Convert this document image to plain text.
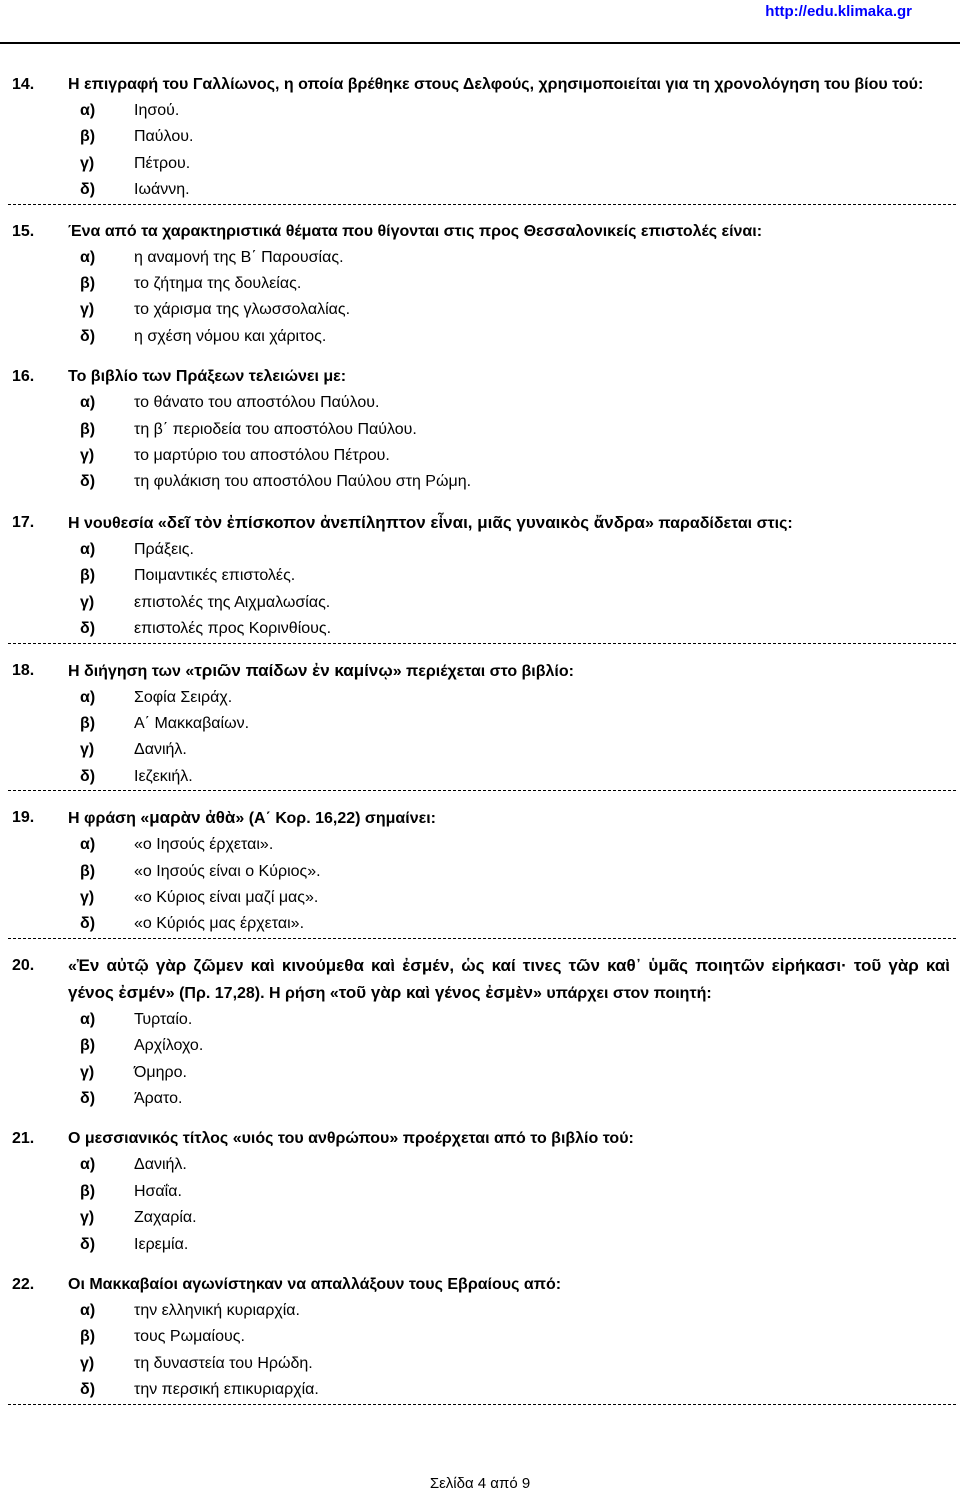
http://edu.klimaka.gr
14. Η επιγραφή του Γαλλίωνος, η οποία βρέθηκε στους Δελφούς, χρησιμοποιείται για τη χρονολόγηση του βίου τού:
α)	Ιησού.
β)	Παύλου.
γ)	Πέτρου.
δ)	Ιωάννη.
15. Ένα από τα χαρακτηριστικά θέματα που θίγονται στις προς Θεσσαλονικείς επιστολές είναι:
α)	η αναμονή της Β΄ Παρουσίας.
β)	το ζήτημα της δουλείας.
γ)	το χάρισμα της γλωσσολαλίας.
δ)	η σχέση νόμου και χάριτος.
16. Το βιβλίο των Πράξεων τελειώνει με:
α)	το θάνατο του αποστόλου Παύλου.
β)	τη β΄ περιοδεία του αποστόλου Παύλου.
γ)	το μαρτύριο του αποστόλου Πέτρου.
δ)	τη φυλάκιση του αποστόλου Παύλου στη Ρώμη.
17. Η νουθεσία «δεῖ τὸν ἐπίσκοπον ἀνεπίληπτον εἶναι, μιᾶς γυναικὸς ἄνδρα» παραδίδεται στις:
α)	Πράξεις.
β)	Ποιμαντικές επιστολές.
γ)	επιστολές της Αιχμαλωσίας.
δ)	επιστολές προς Κορινθίους.
18. Η διήγηση των «τριῶν παίδων ἐν καμίνῳ» περιέχεται στο βιβλίο:
α)	Σοφία Σειράχ.
β)	Α΄ Μακκαβαίων.
γ)	Δανιήλ.
δ)	Ιεζεκιήλ.
19. Η φράση «μαρὰν ἀθὰ» (Α΄ Κορ. 16,22) σημαίνει:
α)	«ο Ιησούς έρχεται».
β)	«ο Ιησούς είναι ο Κύριος».
γ)	«ο Κύριος είναι μαζί μας».
δ)	«ο Κύριός μας έρχεται».
20. «Ἐν αὐτῷ γὰρ ζῶμεν καὶ κινούμεθα καὶ ἐσμέν, ὡς καί τινες τῶν καθ᾽ ὑμᾶς ποιητῶν εἰρήκασι· τοῦ γὰρ καὶ γένος ἐσμέν» (Πρ. 17,28). Η ρήση «τοῦ γὰρ καὶ γένος ἐσμὲν» υπάρχει στον ποιητή:
α)	Τυρταίο.
β)	Αρχίλοχο.
γ)	Όμηρο.
δ)	Άρατο.
21. Ο μεσσιανικός τίτλος «υιός του ανθρώπου» προέρχεται από το βιβλίο τού:
α)	Δανιήλ.
β)	Ησαΐα.
γ)	Ζαχαρία.
δ)	Ιερεμία.
22. Οι Μακκαβαίοι αγωνίστηκαν να απαλλάξουν τους Εβραίους από:
α)	την ελληνική κυριαρχία.
β)	τους Ρωμαίους.
γ)	τη δυναστεία του Ηρώδη.
δ)	την περσική επικυριαρχία.
Σελίδα 4 από 9
